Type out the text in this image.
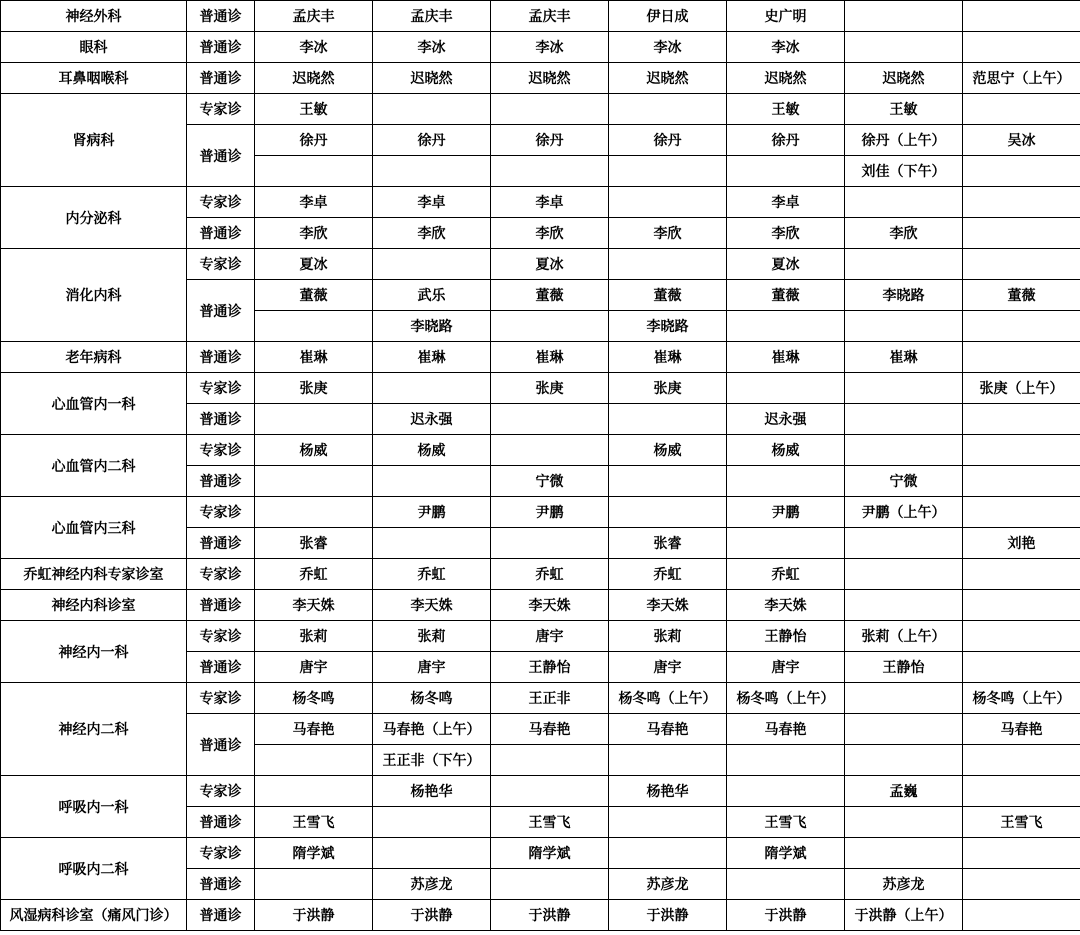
神经外科	普通诊	孟庆丰	孟庆丰	孟庆丰	伊日成	史广明		
眼科	普通诊	李冰	李冰	李冰	李冰	李冰		
耳鼻咽喉科	普通诊	迟晓然	迟晓然	迟晓然	迟晓然	迟晓然	迟晓然	范思宁（上午）
肾病科	专家诊	王敏				王敏	王敏	
	普通诊	徐丹	徐丹	徐丹	徐丹	徐丹	徐丹（上午）	吴冰
							刘佳（下午）	
内分泌科	专家诊	李卓	李卓	李卓		李卓		
	普通诊	李欣	李欣	李欣	李欣	李欣	李欣	
消化内科	专家诊	夏冰		夏冰		夏冰		
	普通诊	董薇	武乐	董薇	董薇	董薇	李晓路	董薇
			李晓路		李晓路			
老年病科	普通诊	崔琳	崔琳	崔琳	崔琳	崔琳	崔琳	
心血管内一科	专家诊	张庚		张庚	张庚			张庚（上午）
	普通诊		迟永强			迟永强		
心血管内二科	专家诊	杨威	杨威		杨威	杨威		
	普通诊			宁微			宁微	
心血管内三科	专家诊		尹鹏	尹鹏		尹鹏	尹鹏（上午）	
	普通诊	张睿			张睿			刘艳
乔虹神经内科专家诊室	专家诊	乔虹	乔虹	乔虹	乔虹	乔虹		
神经内科诊室	普通诊	李天姝	李天姝	李天姝	李天姝	李天姝		
神经内一科	专家诊	张莉	张莉	唐宇	张莉	王静怡	张莉（上午）	
	普通诊	唐宇	唐宇	王静怡	唐宇	唐宇	王静怡	
神经内二科	专家诊	杨冬鸣	杨冬鸣	王正非	杨冬鸣（上午）	杨冬鸣（上午）		杨冬鸣（上午）
	普通诊	马春艳	马春艳（上午）	马春艳	马春艳	马春艳		马春艳
			王正非（下午）					
呼吸内一科	专家诊		杨艳华		杨艳华		孟巍	
	普通诊	王雪飞		王雪飞		王雪飞		王雪飞
呼吸内二科	专家诊	隋学斌		隋学斌		隋学斌		
	普通诊		苏彦龙		苏彦龙		苏彦龙	
风湿病科诊室（痛风门诊）	普通诊	于洪静	于洪静	于洪静	于洪静	于洪静	于洪静（上午）	
